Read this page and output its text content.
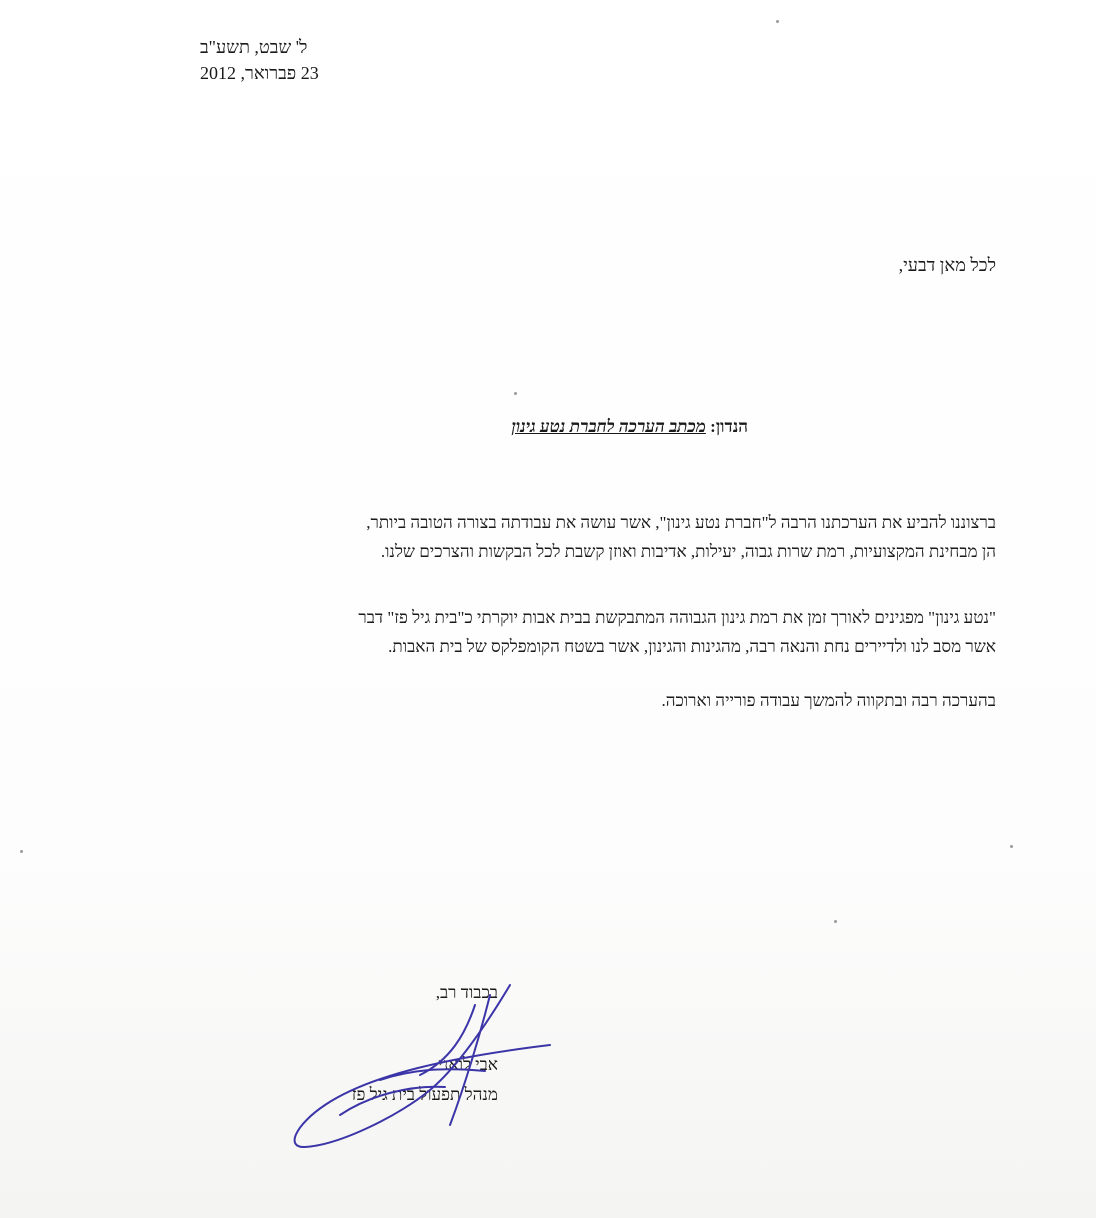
ל' שבט, תשע"ב
23 פברואר, 2012
לכל מאן דבעי,
הנדון: מכתב הערכה לחברת נטע גינון
ברצוננו להביע את הערכתנו הרבה ל"חברת נטע גינון", אשר עושה את עבודתה בצורה הטובה ביותר,
הן מבחינת המקצועיות, רמת שרות גבוה, יעילות, אדיבות ואוזן קשבת לכל הבקשות והצרכים שלנו.
"נטע גינון" מפגינים לאורך זמן את רמת גינון הגבוהה המתבקשת בבית אבות יוקרתי כ"בית גיל פז" דבר
אשר מסב לנו ולדיירים נחת והנאה רבה, מהגינות והגינון, אשר בשטח הקומפלקס של בית האבות.
בהערכה רבה ובתקווה להמשך עבודה פורייה וארוכה.
בכבוד רב,
אבי לואני
מנהל תפעול בית גיל פז
